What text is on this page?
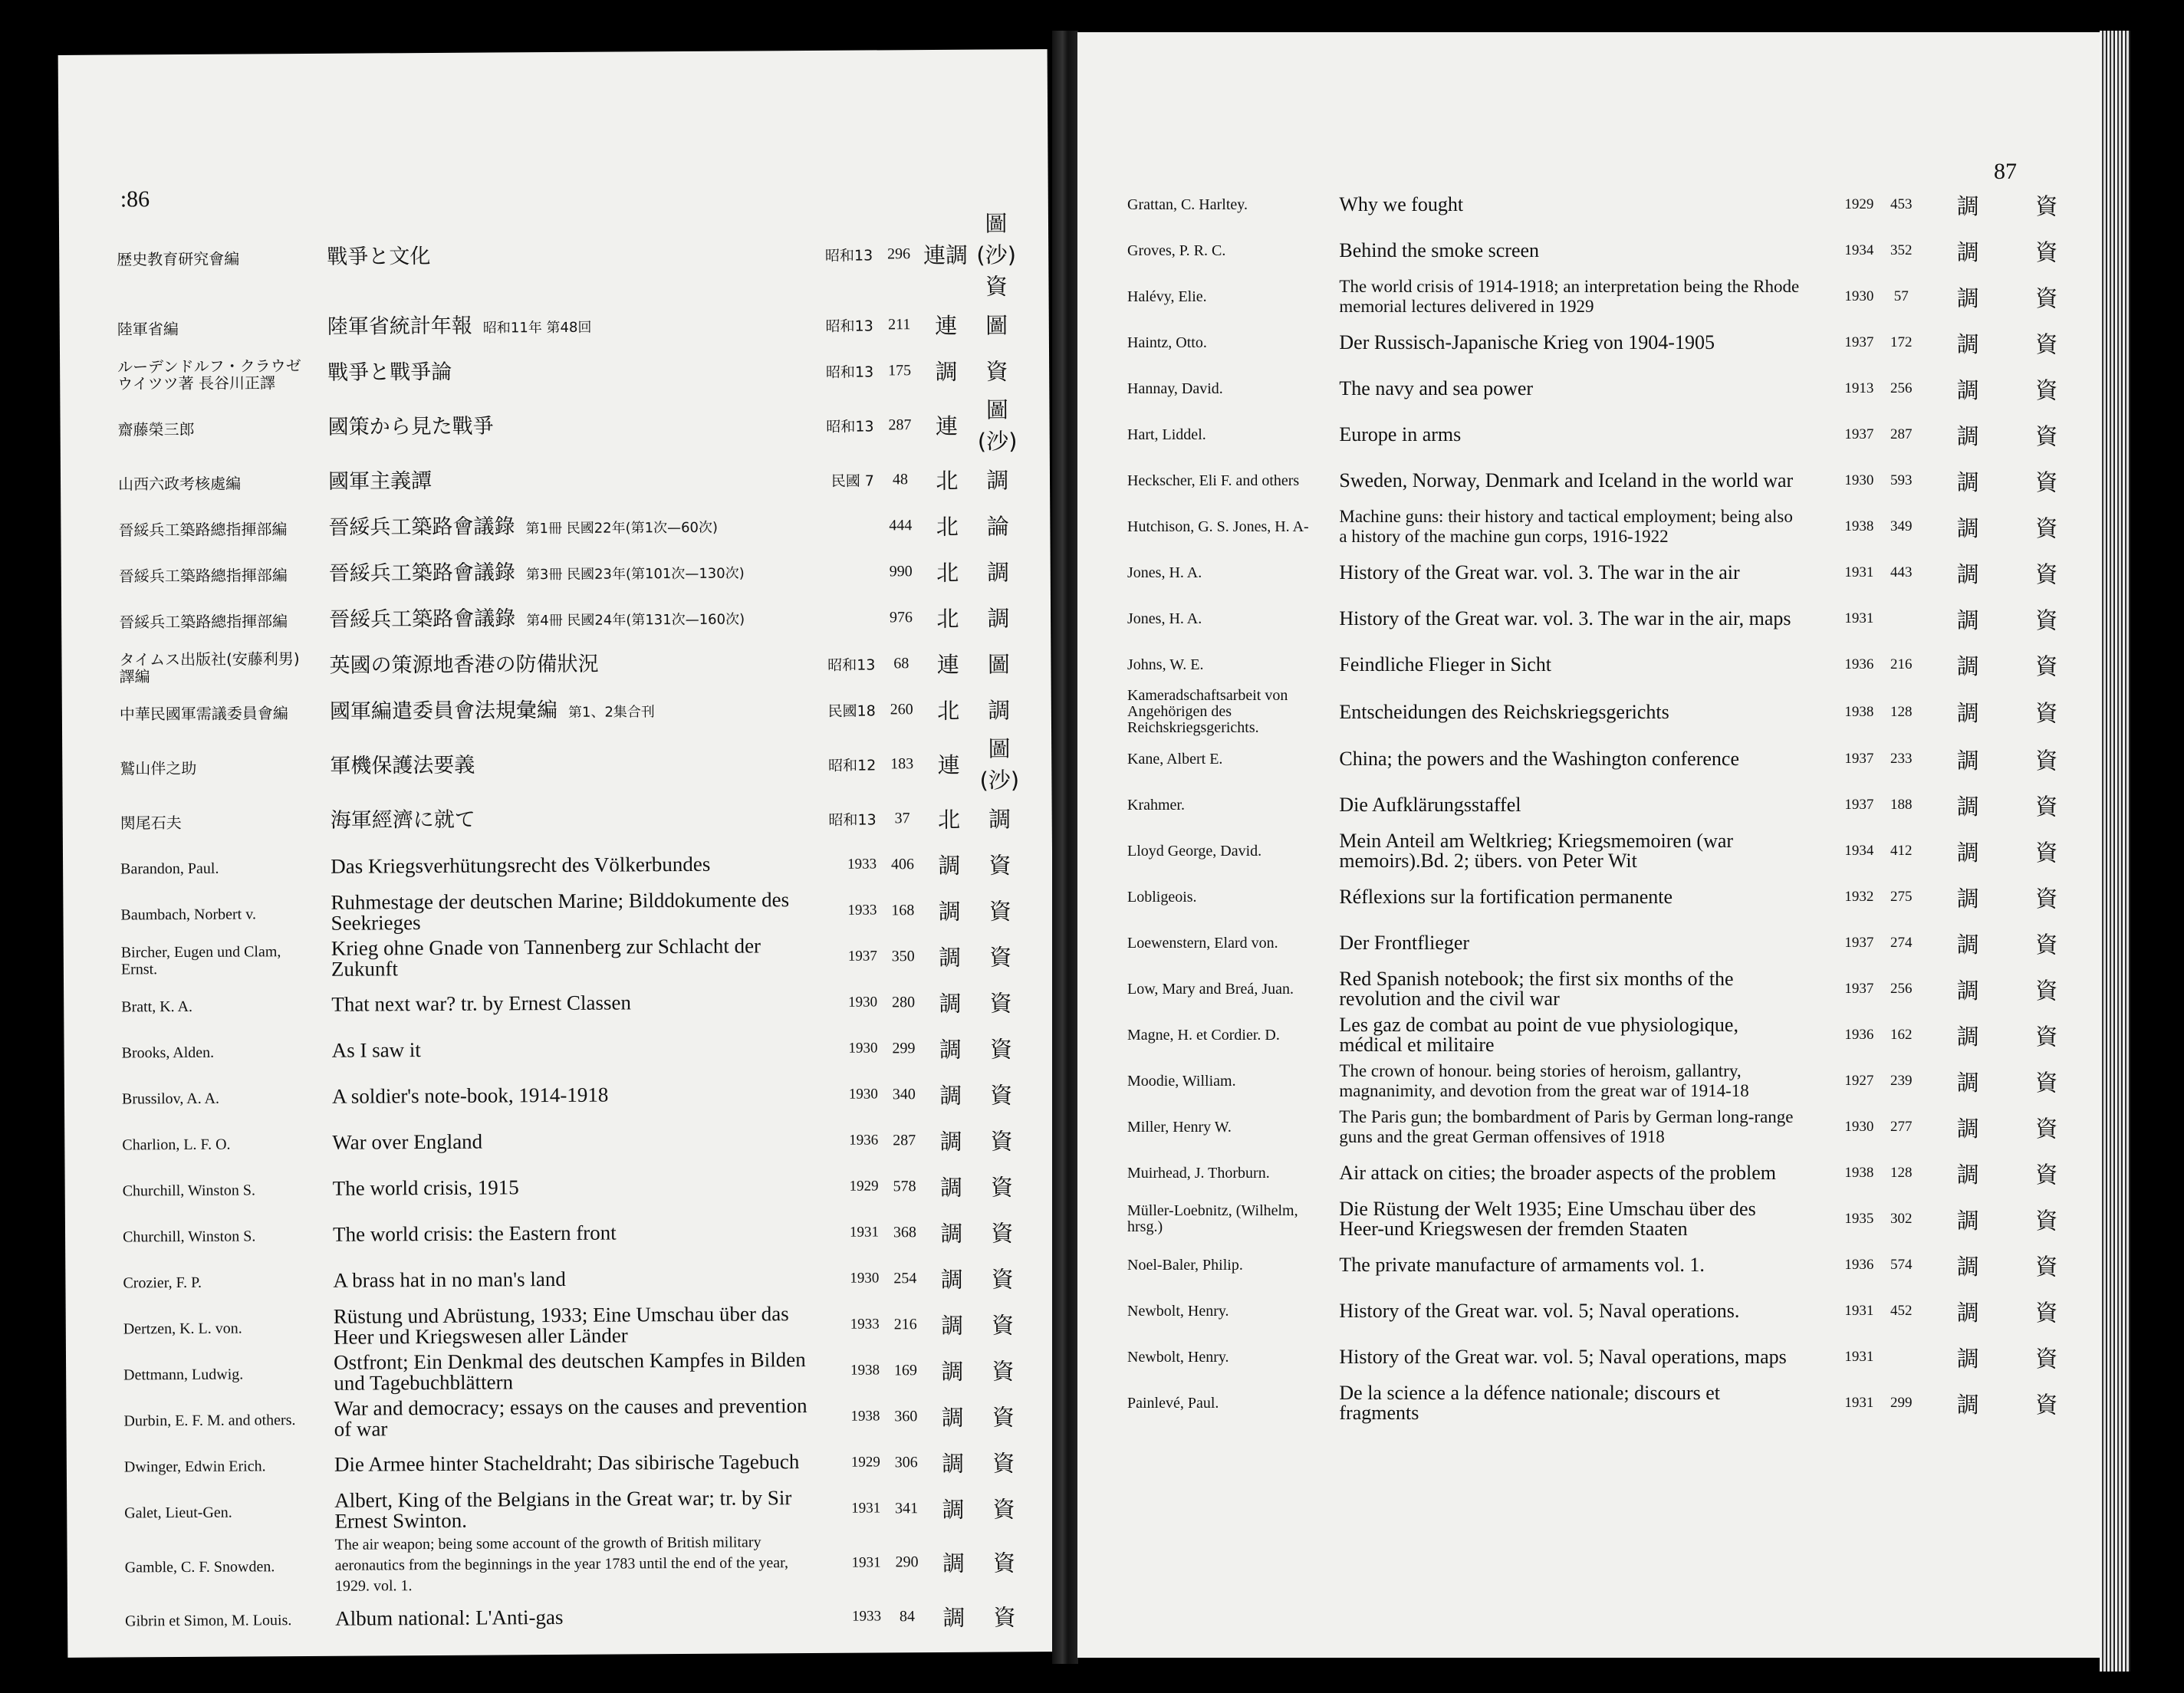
:86
歴史教育研究會編	戰爭と文化	昭和13	296	連調	圖(沙)資
陸軍省編	陸軍省統計年報 昭和11年 第48回	昭和13	211	連	圖
ルーデンドルフ・クラウゼウイツツ著 長谷川正譯	戰爭と戰爭論	昭和13	175	調	資
齋藤榮三郎	國策から見た戰爭	昭和13	287	連	圖(沙)
山西六政考核處編	國軍主義譚	民國 7	48	北	調
晉綏兵工築路總指揮部編	晉綏兵工築路會議錄 第1冊 民國22年(第1次—60次)		444	北	論
晉綏兵工築路總指揮部編	晉綏兵工築路會議錄 第3冊 民國23年(第101次—130次)		990	北	調
晉綏兵工築路總指揮部編	晉綏兵工築路會議錄 第4冊 民國24年(第131次—160次)		976	北	調
タイムス出版社(安藤利男)譯編	英國の策源地香港の防備狀況	昭和13	68	連	圖
中華民國軍需議委員會編	國軍編遣委員會法規彙編 第1、2集合刊	民國18	260	北	調
鷲山伴之助	軍機保護法要義	昭和12	183	連	圖(沙)
関尾石夫	海軍經濟に就て	昭和13	37	北	調
Barandon, Paul.	Das Kriegsverhütungsrecht des Völkerbundes	1933	406	調	資
Baumbach, Norbert v.	Ruhmestage der deutschen Marine; Bilddokumente des Seekrieges	1933	168	調	資
Bircher, Eugen und Clam, Ernst.	Krieg ohne Gnade von Tannenberg zur Schlacht der Zukunft	1937	350	調	資
Bratt, K. A.	That next war? tr. by Ernest Classen	1930	280	調	資
Brooks, Alden.	As I saw it	1930	299	調	資
Brussilov, A. A.	A soldier's note-book, 1914-1918	1930	340	調	資
Charlion, L. F. O.	War over England	1936	287	調	資
Churchill, Winston S.	The world crisis, 1915	1929	578	調	資
Churchill, Winston S.	The world crisis: the Eastern front	1931	368	調	資
Crozier, F. P.	A brass hat in no man's land	1930	254	調	資
Dertzen, K. L. von.	Rüstung und Abrüstung, 1933; Eine Umschau über das Heer und Kriegswesen aller Länder	1933	216	調	資
Dettmann, Ludwig.	Ostfront; Ein Denkmal des deutschen Kampfes in Bilden und Tagebuchblättern	1938	169	調	資
Durbin, E. F. M. and others.	War and democracy; essays on the causes and prevention of war	1938	360	調	資
Dwinger, Edwin Erich.	Die Armee hinter Stacheldraht; Das sibirische Tagebuch	1929	306	調	資
Galet, Lieut-Gen.	Albert, King of the Belgians in the Great war; tr. by Sir Ernest Swinton.	1931	341	調	資
Gamble, C. F. Snowden.	The air weapon; being some account of the growth of British military aeronautics from the beginnings in the year 1783 until the end of the year, 1929. vol. 1.	1931	290	調	資
Gibrin et Simon, M. Louis.	Album national: L'Anti-gas	1933	84	調	資
87
Grattan, C. Harltey.	Why we fought	1929	453	調	資
Groves, P. R. C.	Behind the smoke screen	1934	352	調	資
Halévy, Elie.	The world crisis of 1914-1918; an interpretation being the Rhode memorial lectures delivered in 1929	1930	57	調	資
Haintz, Otto.	Der Russisch-Japanische Krieg von 1904-1905	1937	172	調	資
Hannay, David.	The navy and sea power	1913	256	調	資
Hart, Liddel.	Europe in arms	1937	287	調	資
Heckscher, Eli F. and others	Sweden, Norway, Denmark and Iceland in the world war	1930	593	調	資
Hutchison, G. S. Jones, H. A-	Machine guns: their history and tactical employment; being also a history of the machine gun corps, 1916-1922	1938	349	調	資
Jones, H. A.	History of the Great war. vol. 3. The war in the air	1931	443	調	資
Jones, H. A.	History of the Great war. vol. 3. The war in the air, maps	1931		調	資
Johns, W. E.	Feindliche Flieger in Sicht	1936	216	調	資
Kameradschaftsarbeit von Angehörigen des Reichskriegsgerichts.	Entscheidungen des Reichskriegsgerichts	1938	128	調	資
Kane, Albert E.	China; the powers and the Washington conference	1937	233	調	資
Krahmer.	Die Aufklärungsstaffel	1937	188	調	資
Lloyd George, David.	Mein Anteil am Weltkrieg; Kriegsmemoiren (war memoirs).Bd. 2; übers. von Peter Wit	1934	412	調	資
Lobligeois.	Réflexions sur la fortification permanente	1932	275	調	資
Loewenstern, Elard von.	Der Frontflieger	1937	274	調	資
Low, Mary and Breá, Juan.	Red Spanish notebook; the first six months of the revolution and the civil war	1937	256	調	資
Magne, H. et Cordier. D.	Les gaz de combat au point de vue physiologique, médical et militaire	1936	162	調	資
Moodie, William.	The crown of honour. being stories of heroism, gallantry, magnanimity, and devotion from the great war of 1914-18	1927	239	調	資
Miller, Henry W.	The Paris gun; the bombardment of Paris by German long-range guns and the great German offensives of 1918	1930	277	調	資
Muirhead, J. Thorburn.	Air attack on cities; the broader aspects of the problem	1938	128	調	資
Müller-Loebnitz, (Wilhelm, hrsg.)	Die Rüstung der Welt 1935; Eine Umschau über des Heer-und Kriegswesen der fremden Staaten	1935	302	調	資
Noel-Baler, Philip.	The private manufacture of armaments vol. 1.	1936	574	調	資
Newbolt, Henry.	History of the Great war. vol. 5; Naval operations.	1931	452	調	資
Newbolt, Henry.	History of the Great war. vol. 5; Naval operations, maps	1931		調	資
Painlevé, Paul.	De la science a la défence nationale; discours et fragments	1931	299	調	資
